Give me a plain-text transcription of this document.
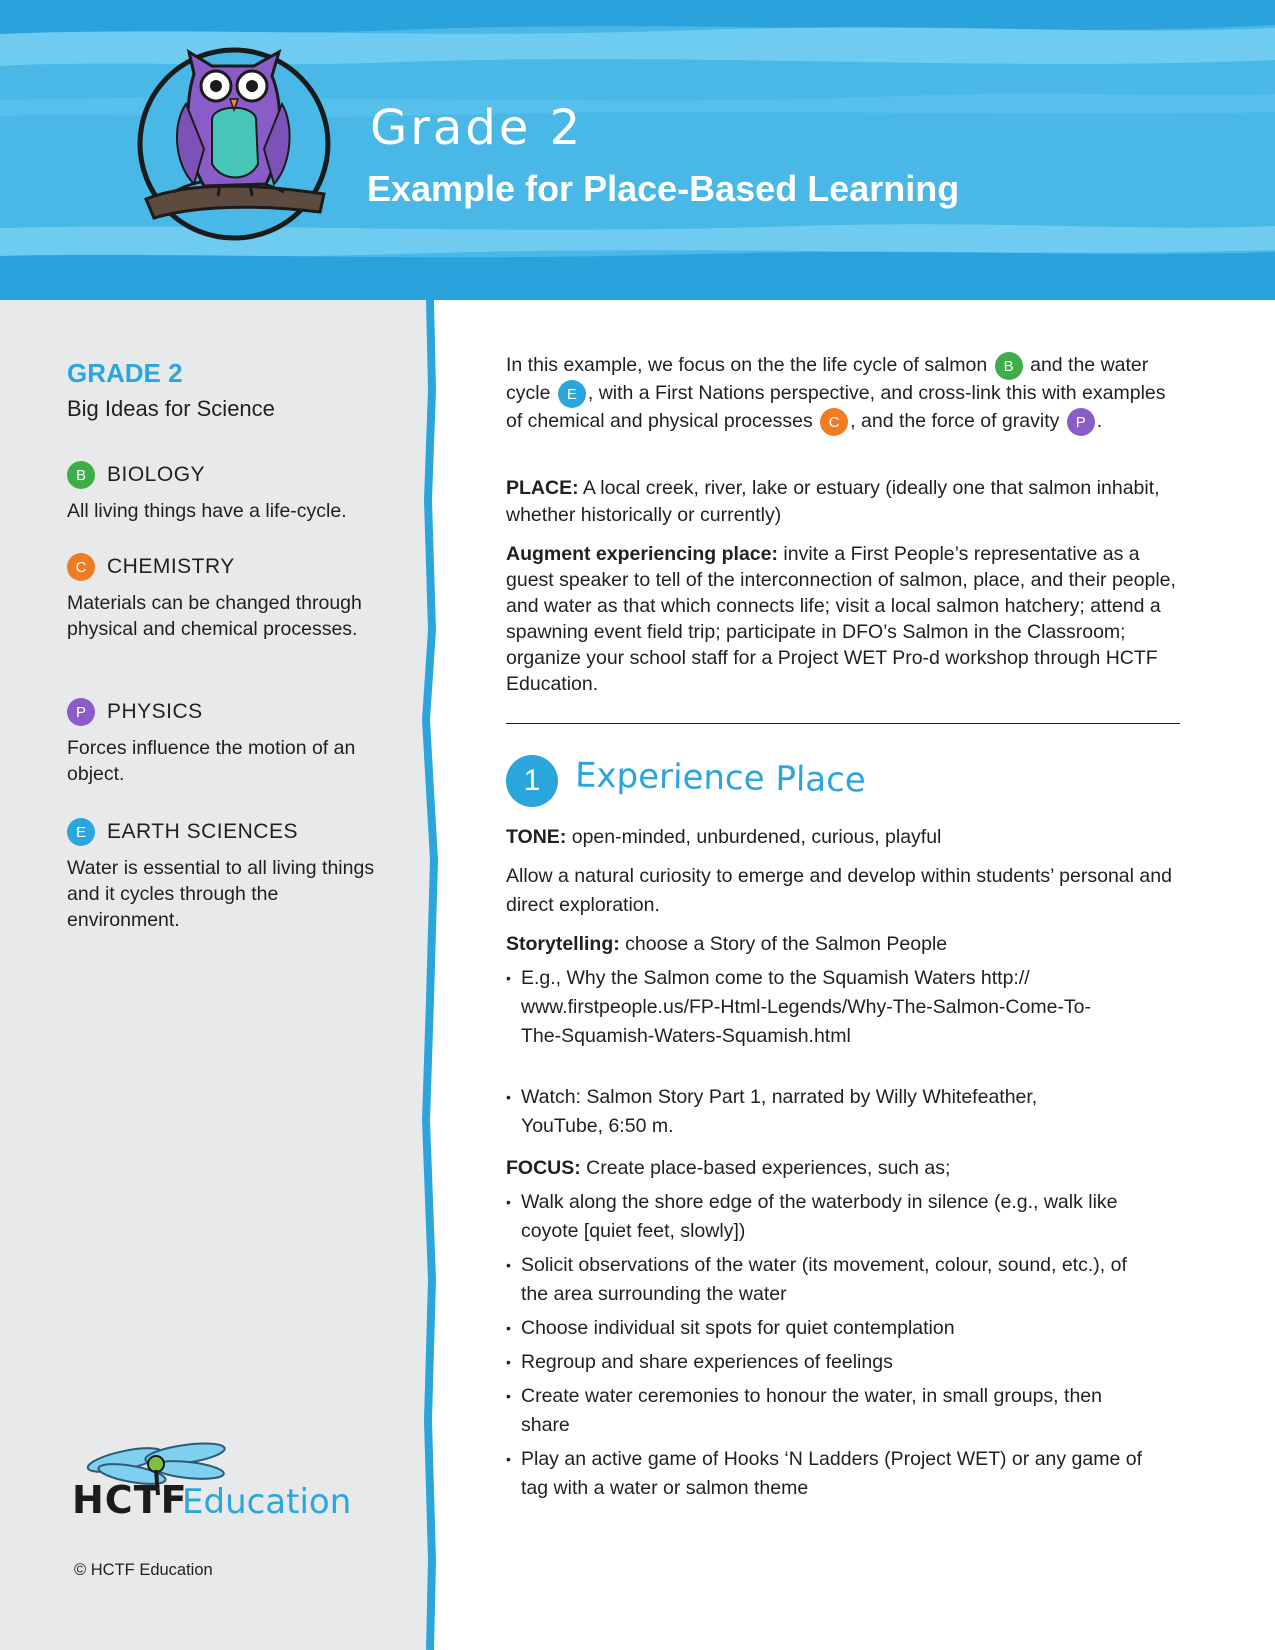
Grade 2
Example for Place-Based Learning
GRADE 2
Big Ideas for Science
B	BIOLOGY
All living things have a life-cycle.
C CHEMISTRY
Materials can be changed through physical and chemical processes.
P	PHYSICS
Forces influence the motion of an object.
E	EARTH SCIENCES
Water is essential to all living things and it cycles through the environment.
HCTF
Education
© HCTF Education

In this example, we focus on the the life cycle of salmon B and the water cycle E , with a First Nations perspective, and cross-link this with examples of chemical and physical processes C , and the force of gravity P .

PLACE: A local creek, river, lake or estuary (ideally one that salmon inhabit, whether historically or currently)

Augment experiencing place: invite a First People’s representative as a guest speaker to tell of the interconnection of salmon, place, and their people, and water as that which connects life; visit a local salmon hatchery; attend a spawning event field trip; participate in DFO’s Salmon in the Classroom; organize your school staff for a Project WET Pro-d workshop through HCTF Education.

1	Experience Place

TONE: open-minded, unburdened, curious, playful

Allow a natural curiosity to emerge and develop within students’ personal and direct exploration.

Storytelling: choose a Story of the Salmon People

• E.g., Why the Salmon come to the Squamish Waters http:// www.firstpeople.us/FP-Html-Legends/Why-The-Salmon-Come-To-The-Squamish-Waters-Squamish.html
• Watch: Salmon Story Part 1, narrated by Willy Whitefeather, YouTube, 6:50 m.

FOCUS: Create place-based experiences, such as;

• Walk along the shore edge of the waterbody in silence (e.g., walk like coyote [quiet feet, slowly])
• Solicit observations of the water (its movement, colour, sound, etc.), of the area surrounding the water
• Choose individual sit spots for quiet contemplation
• Regroup and share experiences of feelings
• Create water ceremonies to honour the water, in small groups, then share
• Play an active game of Hooks ‘N Ladders (Project WET) or any game of tag with a water or salmon theme
